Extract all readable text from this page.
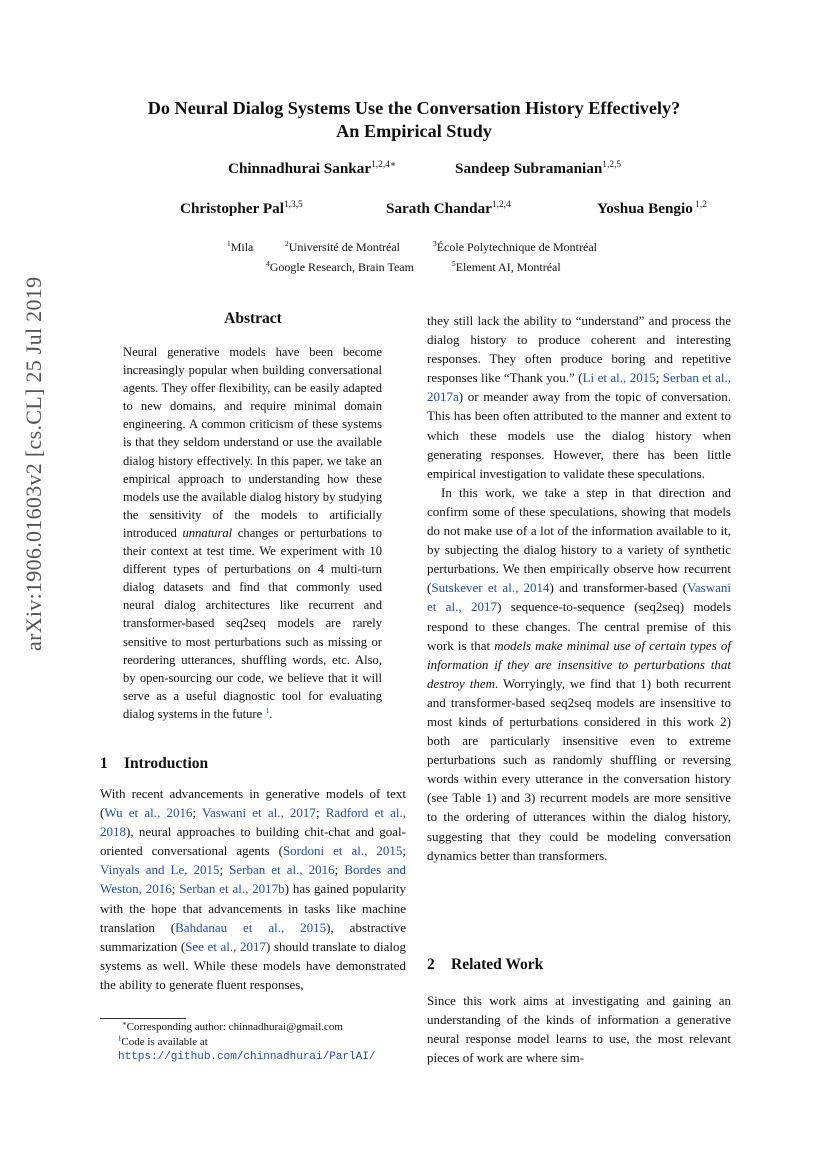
arXiv:1906.01603v2 [cs.CL] 25 Jul 2019
Do Neural Dialog Systems Use the Conversation History Effectively?
An Empirical Study
Chinnadhurai Sankar$^{1,2,4∗}$	Sandeep Subramanian$^{1,2,5}$
Christopher Pal$^{1,3,5}$	Sarath Chandar$^{1,2,4}$	Yoshua Bengio $^{1,2}$
$^1$Mila	$^2$Université de Montréal	$^3$École Polytechnique de Montréal
$^4$Google Research, Brain Team	$^5$Element AI, Montréal
Abstract
Neural generative models have been become increasingly popular when building conversational agents. They offer flexibility, can be easily adapted to new domains, and require minimal domain engineering. A common criticism of these systems is that they seldom understand or use the available dialog history effectively. In this paper, we take an empirical approach to understanding how these models use the available dialog history by studying the sensitivity of the models to artificially introduced unnatural changes or perturbations to their context at test time. We experiment with 10 different types of perturbations on 4 multi-turn dialog datasets and find that commonly used neural dialog architectures like recurrent and transformer-based seq2seq models are rarely sensitive to most perturbations such as missing or reordering utterances, shuffling words, etc. Also, by open-sourcing our code, we believe that it will serve as a useful diagnostic tool for evaluating dialog systems in the future $^1$.
1 Introduction
With recent advancements in generative models of text (Wu et al., 2016; Vaswani et al., 2017; Radford et al., 2018), neural approaches to building chit-chat and goal-oriented conversational agents (Sordoni et al., 2015; Vinyals and Le, 2015; Serban et al., 2016; Bordes and Weston, 2016; Serban et al., 2017b) has gained popularity with the hope that advancements in tasks like machine translation (Bahdanau et al., 2015), abstractive summarization (See et al., 2017) should translate to dialog systems as well. While these models have demonstrated the ability to generate fluent responses,
∗Corresponding author: chinnadhurai@gmail.com
$^1$Code is available at https://github.com/chinnadhurai/ParlAI/

they still lack the ability to “understand” and process the dialog history to produce coherent and interesting responses. They often produce boring and repetitive responses like “Thank you.” (Li et al., 2015; Serban et al., 2017a) or meander away from the topic of conversation. This has been often attributed to the manner and extent to which these models use the dialog history when generating responses. However, there has been little empirical investigation to validate these speculations.

In this work, we take a step in that direction and confirm some of these speculations, showing that models do not make use of a lot of the information available to it, by subjecting the dialog history to a variety of synthetic perturbations. We then empirically observe how recurrent (Sutskever et al., 2014) and transformer-based (Vaswani et al., 2017) sequence-to-sequence (seq2seq) models respond to these changes. The central premise of this work is that models make minimal use of certain types of information if they are insensitive to perturbations that destroy them. Worryingly, we find that 1) both recurrent and transformer-based seq2seq models are insensitive to most kinds of perturbations considered in this work 2) both are particularly insensitive even to extreme perturbations such as randomly shuffling or reversing words within every utterance in the conversation history (see Table 1) and 3) recurrent models are more sensitive to the ordering of utterances within the dialog history, suggesting that they could be modeling conversation dynamics better than transformers.

2 Related Work
Since this work aims at investigating and gaining an understanding of the kinds of information a generative neural response model learns to use, the most relevant pieces of work are where sim-
